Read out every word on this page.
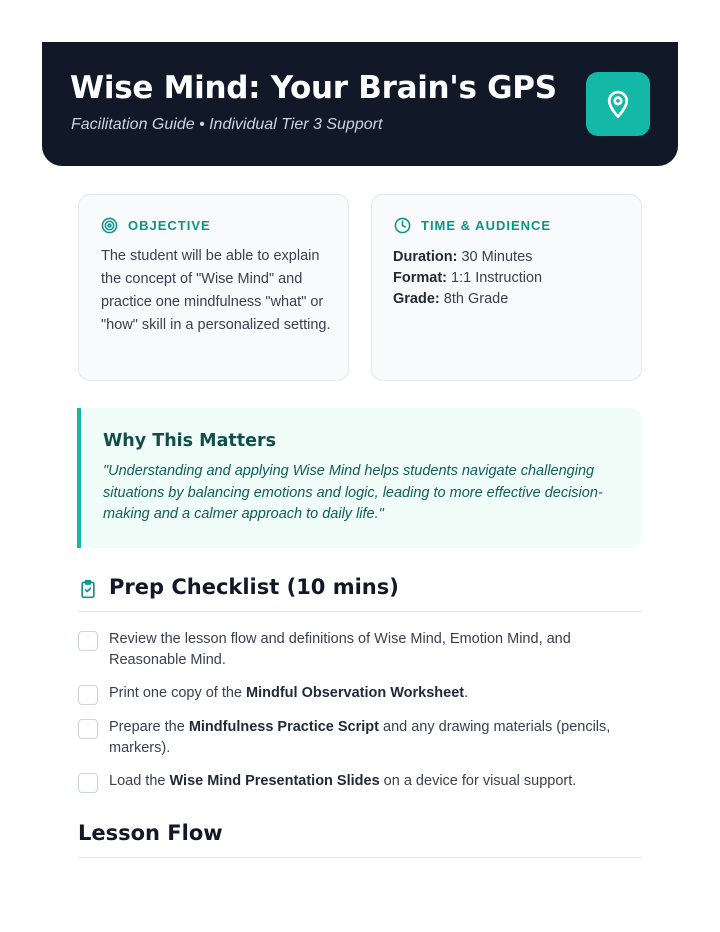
Wise Mind: Your Brain's GPS
Facilitation Guide • Individual Tier 3 Support
OBJECTIVE
The student will be able to explain the concept of "Wise Mind" and practice one mindfulness "what" or "how" skill in a personalized setting.
TIME & AUDIENCE
Duration: 30 Minutes
Format: 1:1 Instruction
Grade: 8th Grade
Why This Matters
"Understanding and applying Wise Mind helps students navigate challenging situations by balancing emotions and logic, leading to more effective decision-making and a calmer approach to daily life."
Prep Checklist (10 mins)
Review the lesson flow and definitions of Wise Mind, Emotion Mind, and Reasonable Mind.
Print one copy of the Mindful Observation Worksheet.
Prepare the Mindfulness Practice Script and any drawing materials (pencils, markers).
Load the Wise Mind Presentation Slides on a device for visual support.
Lesson Flow
